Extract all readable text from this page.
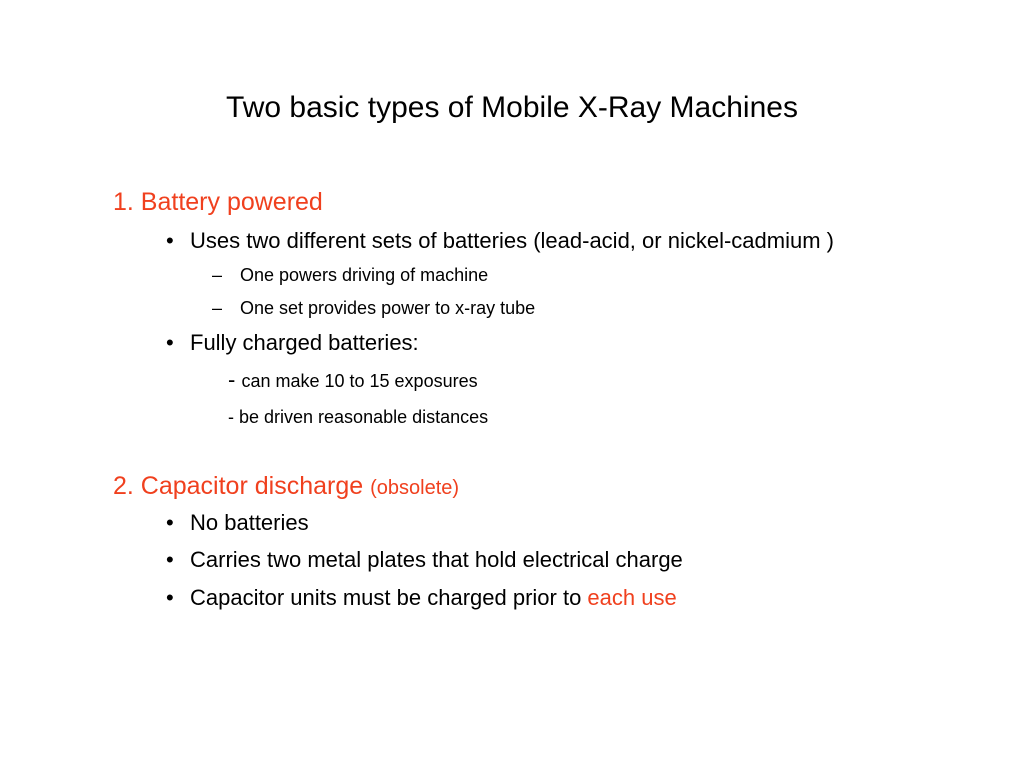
Two basic types of Mobile X-Ray Machines
1. Battery powered
• Uses two different sets of batteries (lead-acid, or nickel-cadmium )
– One powers driving of machine
– One set provides power to x-ray tube
• Fully charged batteries:
- can make 10 to 15 exposures
- be driven reasonable distances
2. Capacitor discharge (obsolete)
• No batteries
• Carries two metal plates that hold electrical charge
• Capacitor units must be charged prior to each use
